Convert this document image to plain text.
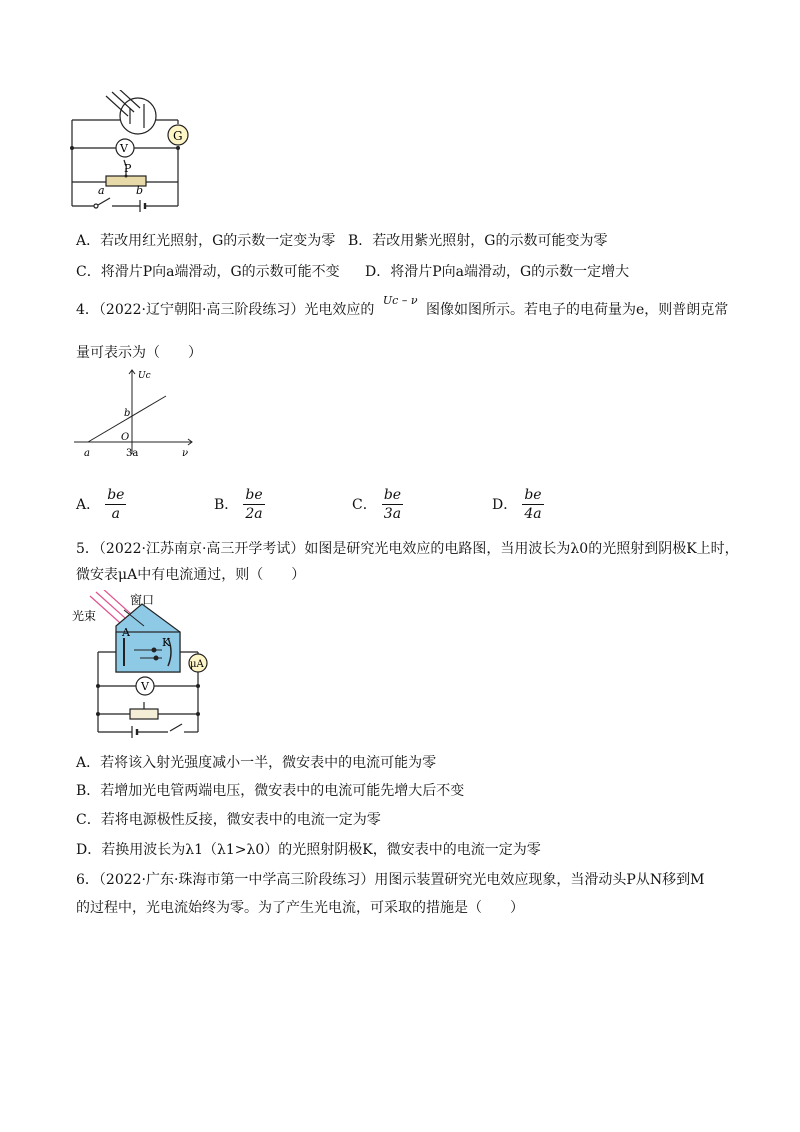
G
V
P
a	b
A．若改用红光照射，G的示数一定变为零 B．若改用紫光照射，G的示数可能变为零
C．将滑片P向a端滑动，G的示数可能不变 D．将滑片P向a端滑动，G的示数一定增大
4．（2022·辽宁朝阳·高三阶段练习）光电效应的 $^{Uc - \nu}$ 图像如图所示。若电子的电荷量为e，则普朗克常
量可表示为（　　）
Uc
b
O
a	3a	ν
A． $\frac{be}{a}$	B． $\frac{be}{2a}$	C． $\frac{be}{3a}$	D． $\frac{be}{4a}$
5．（2022·江苏南京·高三开学考试）如图是研究光电效应的电路图，当用波长为λ0的光照射到阴极K上时，
微安表μA中有电流通过，则（　　）
窗口
光束
A
K
μA
V
A．若将该入射光强度减小一半，微安表中的电流可能为零
B．若增加光电管两端电压，微安表中的电流可能先增大后不变
C．若将电源极性反接，微安表中的电流一定为零
D．若换用波长为λ1（λ1>λ0）的光照射阴极K，微安表中的电流一定为零
6．（2022·广东·珠海市第一中学高三阶段练习）用图示装置研究光电效应现象，当滑动头P从N移到M
的过程中，光电流始终为零。为了产生光电流，可采取的措施是（　　）
